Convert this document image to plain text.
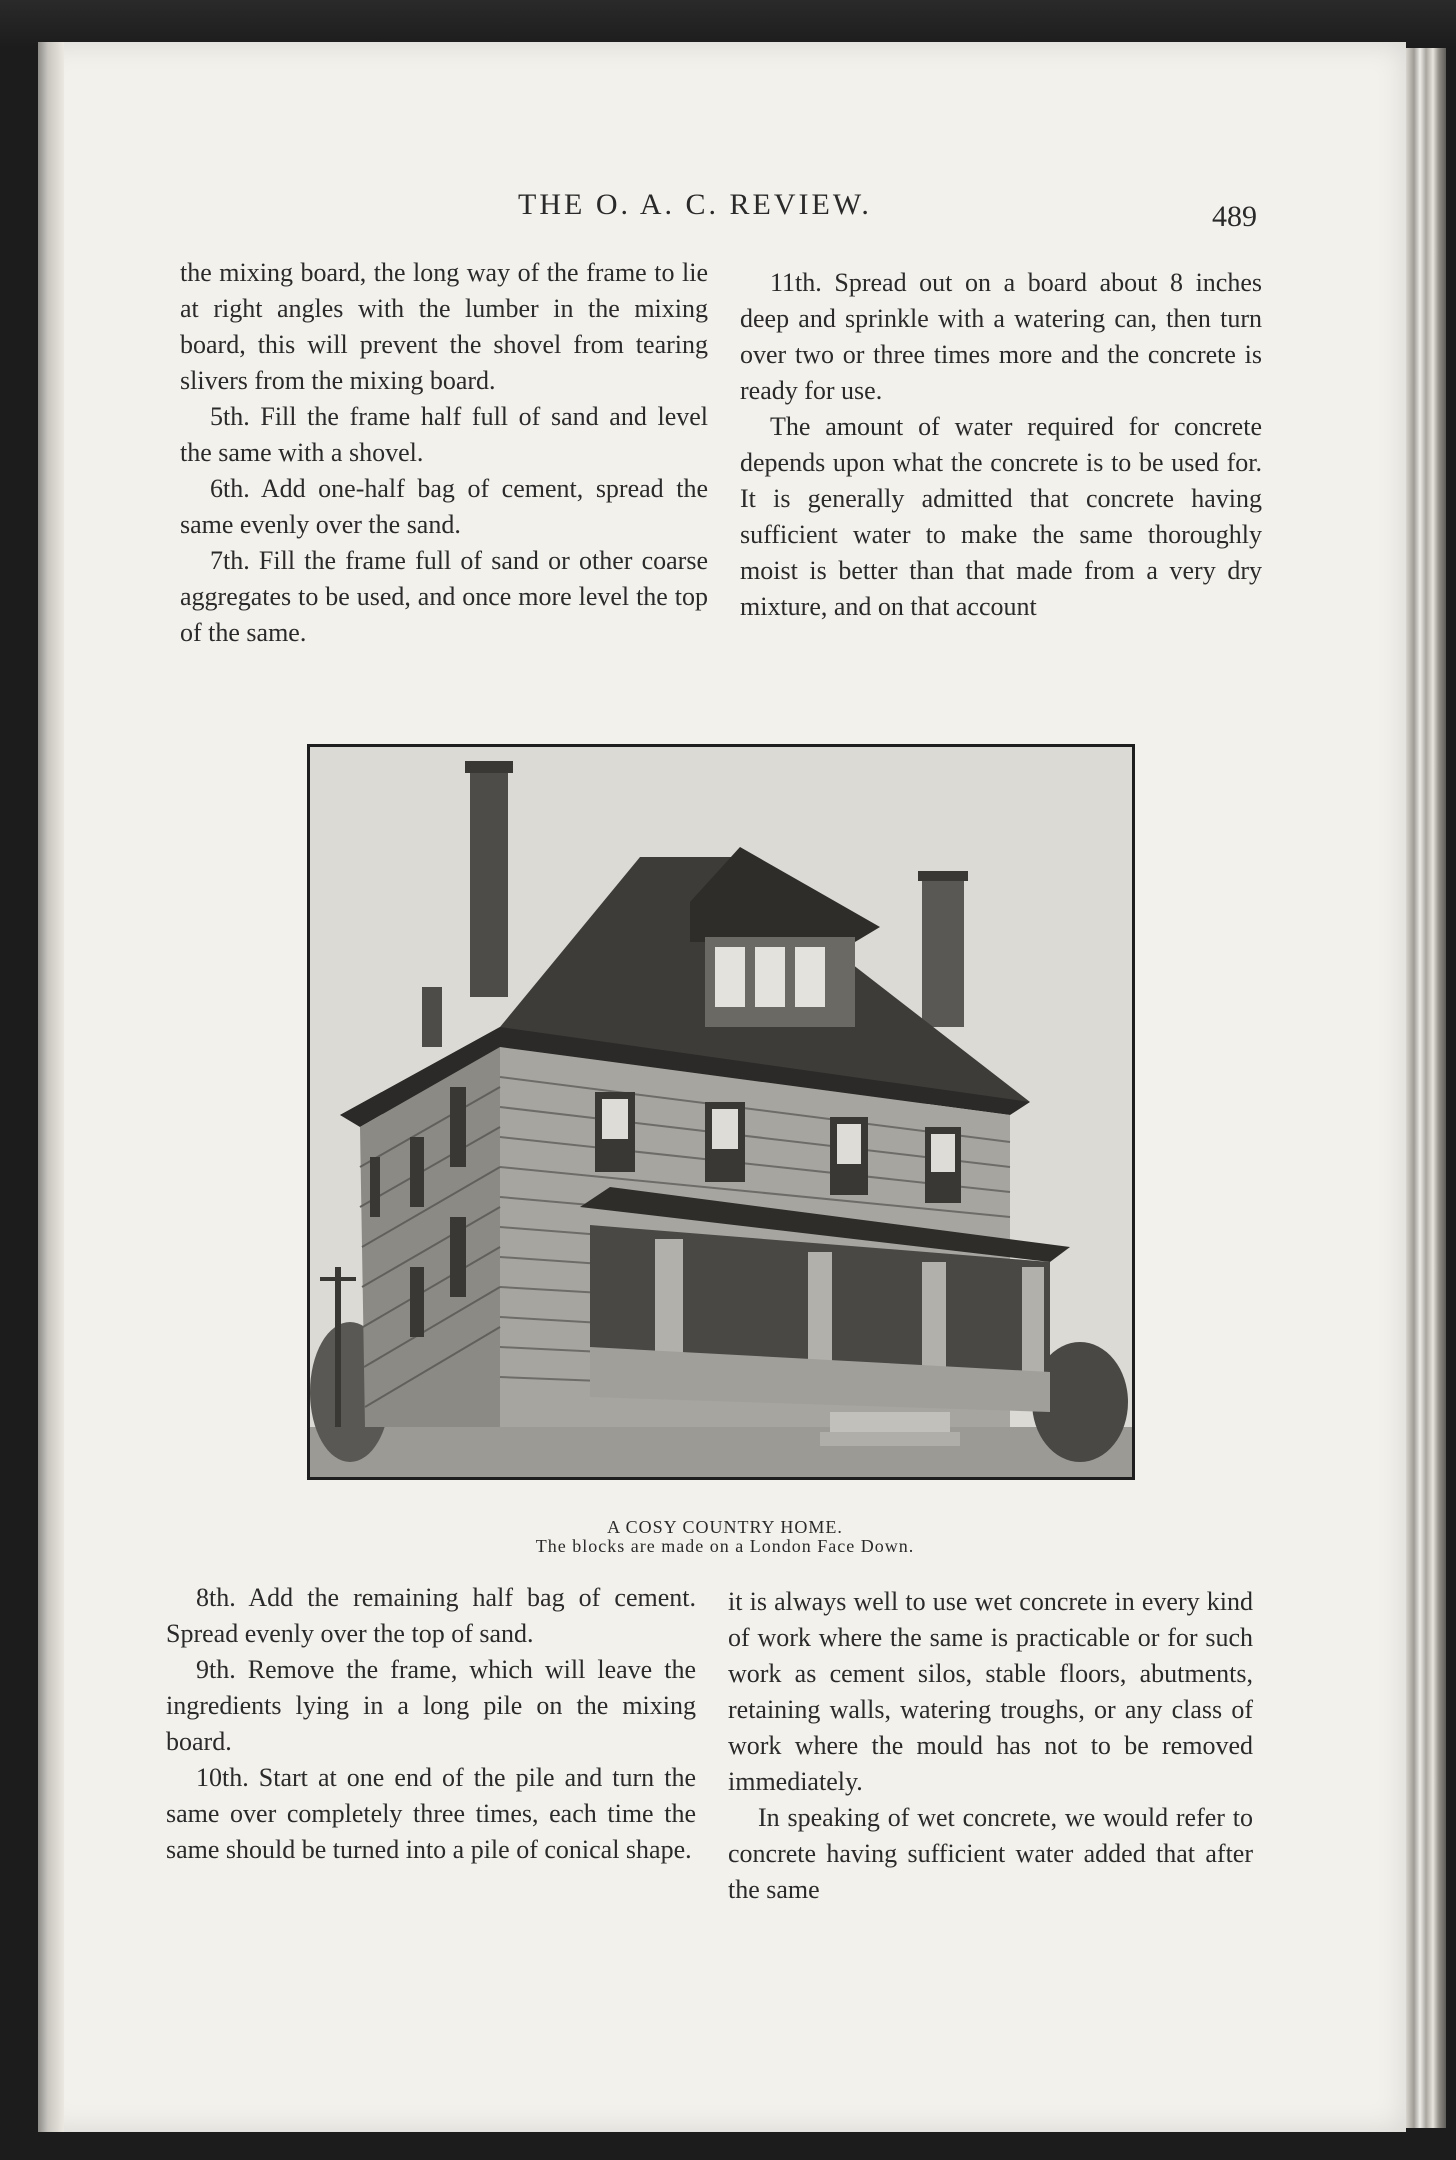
THE O. A. C. REVIEW.	489

the mixing board, the long way of the frame to lie at right angles with the lumber in the mixing board, this will prevent the shovel from tearing slivers from the mixing board.

5th. Fill the frame half full of sand and level the same with a shovel.

6th. Add one-half bag of cement, spread the same evenly over the sand.

7th. Fill the frame full of sand or other coarse aggregates to be used, and once more level the top of the same.

11th. Spread out on a board about 8 inches deep and sprinkle with a watering can, then turn over two or three times more and the concrete is ready for use.

The amount of water required for concrete depends upon what the concrete is to be used for. It is generally admitted that concrete having sufficient water to make the same thoroughly moist is better than that made from a very dry mixture, and on that account

A COSY COUNTRY HOME.
The blocks are made on a London Face Down.

8th. Add the remaining half bag of cement. Spread evenly over the top of sand.

9th. Remove the frame, which will leave the ingredients lying in a long pile on the mixing board.

10th. Start at one end of the pile and turn the same over completely three times, each time the same should be turned into a pile of conical shape.

it is always well to use wet concrete in every kind of work where the same is practicable or for such work as cement silos, stable floors, abutments, retaining walls, watering troughs, or any class of work where the mould has not to be removed immediately.

In speaking of wet concrete, we would refer to concrete having sufficient water added that after the same
